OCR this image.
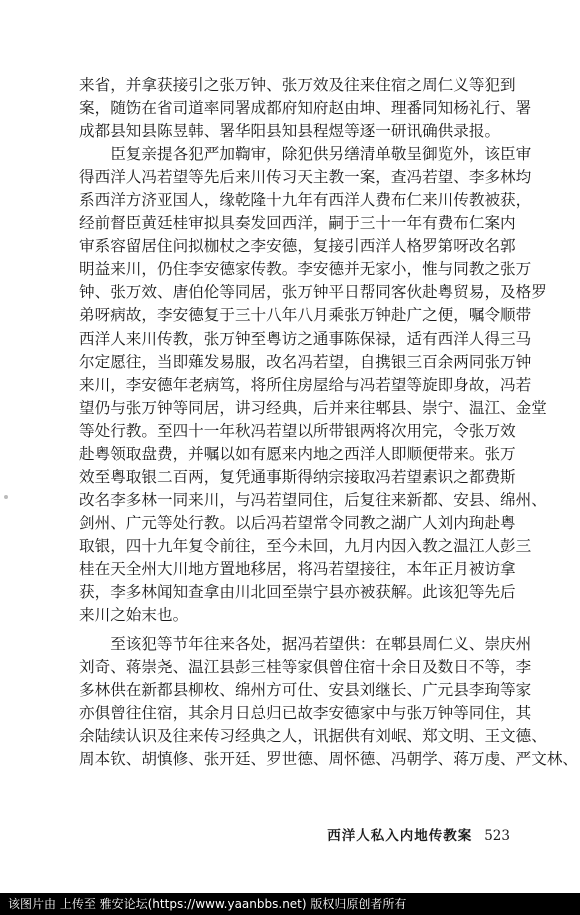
来省，并拿获接引之张万钟、张万效及往来住宿之周仁义等犯到
案，随饬在省司道率同署成都府知府赵由坤、理番同知杨礼行、署
成都县知县陈昱韩、署华阳县知县程煜等逐一研讯确供录报。
　　臣复亲提各犯严加鞫审，除犯供另缮清单敬呈御览外，该臣审
得西洋人冯若望等先后来川传习天主教一案，查冯若望、李多林均
系西洋方济亚国人，缘乾隆十九年有西洋人费布仁来川传教被获，
经前督臣黄廷桂审拟具奏发回西洋，嗣于三十一年有费布仁案内
审系容留居住问拟枷杖之李安德，复接引西洋人格罗第呀改名郭
明益来川，仍住李安德家传教。李安德并无家小，惟与同教之张万
钟、张万效、唐伯伦等同居，张万钟平日帮同客伙赴粤贸易，及格罗
弟呀病故，李安德复于三十八年八月乘张万钟赴广之便，嘱令顺带
西洋人来川传教，张万钟至粤访之通事陈保禄，适有西洋人得三马
尔定愿往，当即薙发易服，改名冯若望，自携银三百余两同张万钟
来川，李安德年老病笃，将所住房屋给与冯若望等旋即身故，冯若
望仍与张万钟等同居，讲习经典，后并来往郫县、崇宁、温江、金堂
等处行教。至四十一年秋冯若望以所带银两将次用完，令张万效
赴粤领取盘费，并嘱以如有愿来内地之西洋人即顺便带来。张万
效至粤取银二百两，复凭通事斯得纳宗接取冯若望素识之都费斯
改名李多林一同来川，与冯若望同住，后复往来新都、安县、绵州、
剑州、广元等处行教。以后冯若望常令同教之湖广人刘内珣赴粤
取银，四十九年复令前往，至今未回，九月内因入教之温江人彭三
桂在天全州大川地方置地移居，将冯若望接往，本年正月被访拿
获，李多林闻知查拿由川北回至崇宁县亦被获解。此该犯等先后
来川之始末也。
　　至该犯等节年往来各处，据冯若望供：在郫县周仁义、崇庆州
刘奇、蒋崇尧、温江县彭三桂等家俱曾住宿十余日及数日不等，李
多林供在新都县柳枚、绵州方可仕、安县刘继长、广元县李珣等家
亦俱曾往住宿，其余月日总归已故李安德家中与张万钟等同住，其
余陆续认识及往来传习经典之人，讯据供有刘岷、郑文明、王文德、
周本钦、胡慎修、张开廷、罗世德、周怀德、冯朝学、蒋万虔、严文林、
西洋人私入内地传教案 523
该图片由 上传至 雅安论坛(https://www.yaanbbs.net) 版权归原创者所有
